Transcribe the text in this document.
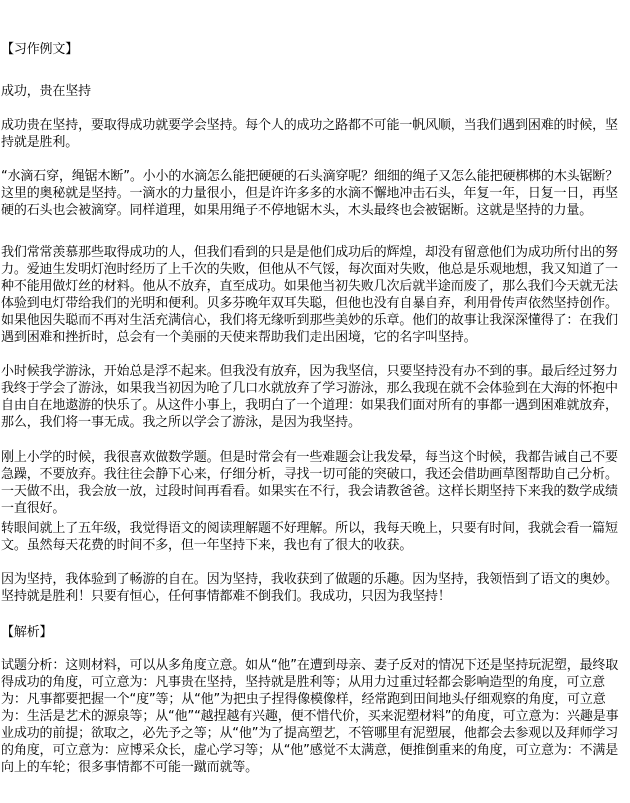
【习作例文】
成功，贵在坚持

成功贵在坚持，要取得成功就要学会坚持。每个人的成功之路都不可能一帆风顺，当我们遇到困难的时候，坚持就是胜利。

“水滴石穿，绳锯木断”。小小的水滴怎么能把硬硬的石头滴穿呢？细细的绳子又怎么能把硬梆梆的木头锯断？这里的奥秘就是坚持。一滴水的力量很小，但是许许多多的水滴不懈地冲击石头，年复一年，日复一日，再坚硬的石头也会被滴穿。同样道理，如果用绳子不停地锯木头，木头最终也会被锯断。这就是坚持的力量。

我们常常羡慕那些取得成功的人，但我们看到的只是是他们成功后的辉煌，却没有留意他们为成功所付出的努力。爱迪生发明灯泡时经历了上千次的失败，但他从不气馁，每次面对失败，他总是乐观地想，我又知道了一种不能用做灯丝的材料。他从不放弃，直至成功。如果他当初失败几次后就半途而废了，那么我们今天就无法体验到电灯带给我们的光明和便利。贝多芬晚年双耳失聪，但他也没有自暴自弃，利用骨传声依然坚持创作。如果他因失聪而不再对生活充满信心，我们将无缘听到那些美妙的乐章。他们的故事让我深深懂得了：在我们遇到困难和挫折时，总会有一个美丽的天使来帮助我们走出困境，它的名字叫坚持。

小时候我学游泳，开始总是浮不起来。但我没有放弃，因为我坚信，只要坚持没有办不到的事。最后经过努力我终于学会了游泳，如果我当初因为呛了几口水就放弃了学习游泳，那么我现在就不会体验到在大海的怀抱中自由自在地遨游的快乐了。从这件小事上，我明白了一个道理：如果我们面对所有的事都一遇到困难就放弃，那么，我们将一事无成。我之所以学会了游泳，是因为我坚持。

刚上小学的时候，我很喜欢做数学题。但是时常会有一些难题会让我发晕，每当这个时候，我都告诫自己不要急躁，不要放弃。我往往会静下心来，仔细分析，寻找一切可能的突破口，我还会借助画草图帮助自己分析。一天做不出，我会放一放，过段时间再看看。如果实在不行，我会请教爸爸。这样长期坚持下来我的数学成绩一直很好。

转眼间就上了五年级，我觉得语文的阅读理解题不好理解。所以，我每天晚上，只要有时间，我就会看一篇短文。虽然每天花费的时间不多，但一年坚持下来，我也有了很大的收获。

因为坚持，我体验到了畅游的自在。因为坚持，我收获到了做题的乐趣。因为坚持，我领悟到了语文的奥妙。坚持就是胜利！只要有恒心，任何事情都难不倒我们。我成功，只因为我坚持！

【解析】

试题分析：这则材料，可以从多角度立意。如从“他”在遭到母亲、妻子反对的情况下还是坚持玩泥塑，最终取得成功的角度，可立意为：凡事贵在坚持，坚持就是胜利等；从用力过重过轻都会影响造型的角度，可立意为：凡事都要把握一个“度”等；从“他”为把虫子捏得像模像样，经常跑到田间地头仔细观察的角度，可立意为：生活是艺术的源泉等；从“他”“越捏越有兴趣，便不惜代价，买来泥塑材料”的角度，可立意为：兴趣是事业成功的前提；欲取之，必先予之等；从“他”为了提高塑艺，不管哪里有泥塑展，他都会去参观以及拜师学习的角度，可立意为：应博采众长，虚心学习等；从“他”感觉不太满意，便推倒重来的角度，可立意为：不满是向上的车轮；很多事情都不可能一蹴而就等。
